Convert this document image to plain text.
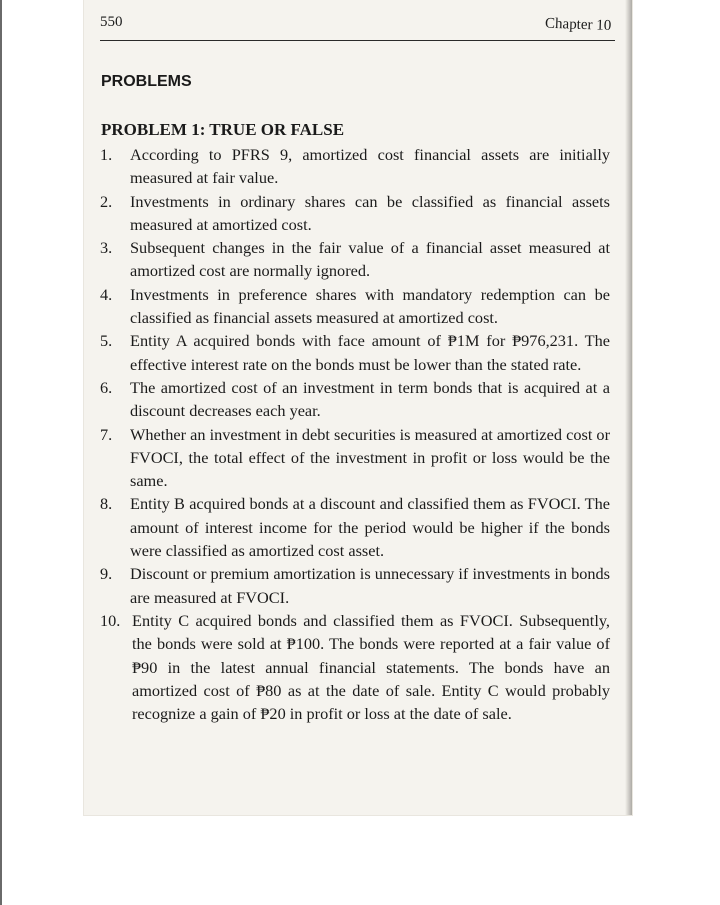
550	Chapter 10
PROBLEMS
PROBLEM 1: TRUE OR FALSE
1.	According to PFRS 9, amortized cost financial assets are initially measured at fair value.
2.	Investments in ordinary shares can be classified as financial assets measured at amortized cost.
3.	Subsequent changes in the fair value of a financial asset measured at amortized cost are normally ignored.
4.	Investments in preference shares with mandatory redemption can be classified as financial assets measured at amortized cost.
5.	Entity A acquired bonds with face amount of ₱1M for ₱976,231. The effective interest rate on the bonds must be lower than the stated rate.
6.	The amortized cost of an investment in term bonds that is acquired at a discount decreases each year.
7.	Whether an investment in debt securities is measured at amortized cost or FVOCI, the total effect of the investment in profit or loss would be the same.
8.	Entity B acquired bonds at a discount and classified them as FVOCI. The amount of interest income for the period would be higher if the bonds were classified as amortized cost asset.
9.	Discount or premium amortization is unnecessary if investments in bonds are measured at FVOCI.
10. Entity C acquired bonds and classified them as FVOCI. Subsequently, the bonds were sold at ₱100. The bonds were reported at a fair value of ₱90 in the latest annual financial statements. The bonds have an amortized cost of ₱80 as at the date of sale. Entity C would probably recognize a gain of ₱20 in profit or loss at the date of sale.
